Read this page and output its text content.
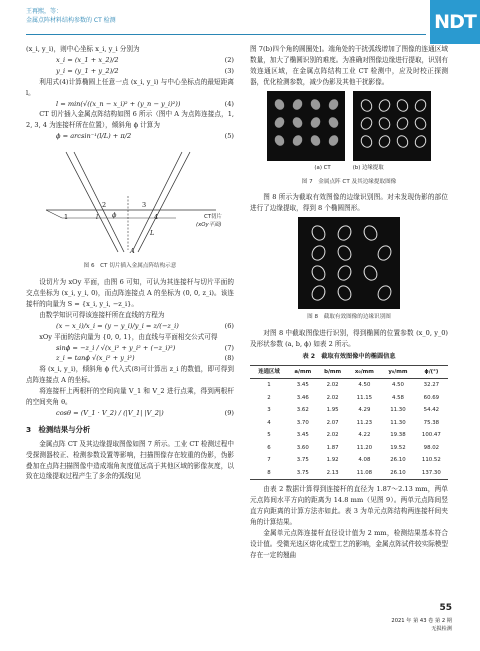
王再熙，等：
金属点阵材料结构参数的 CT 检测	NDT

(x_i, y_i)，则中心坐标 x_i, y_i 分别为

x_i = (x_1 + x_2)/2	(2)
y_i = (y_1 + y_2)/2	(3)

利用式(4)计算椭圆上任意一点 (x_i, y_i) 与中心坐标点的最短距离 l。

l = min(√((x_n − x_i)² + (y_n − y_i)²))	(4)

CT 切片插入金属点阵结构如图 6 所示（图中 A 为点阵连接点，1, 2, 3, 4 为连接杆所在位置），倾斜角 ϕ 计算为

ϕ = arcsin⁻¹(l/L) + π/2	(5)
A
ϕ
l
2	3
4
L
1	CT切片
(xOy平面)
图 6　CT 切片插入金属点阵结构示意

设切片为 xOy 平面，由图 6 可知，可认为其连接杆与切片平面的交点坐标为 (x_i, y_i, 0)，而点阵连接点 A 的坐标为 (0, 0, z_i)。该连接杆的向量为 S = {x_i, y_i, −z_i}。

由数学知识可得该连接杆所在直线的方程为

(x − x_i)/x_i = (y − y_i)/y_i = z/(−z_i)	(6)

xOy 平面的法向量为 {0, 0, 1}，由直线与平面相交公式可得

sinϕ = −z_i / √(x_i² + y_i² + (−z_i)²)	(7)
z_i = tanϕ √(x_i² + y_i²)	(8)

将 (x_i, y_i)，倾斜角 ϕ 代入式(8)可计算出 z_i 的数值，即可得到点阵连接点 A 的坐标。

将连接杆上两根杆的空间向量 V_1 和 V_2 进行点乘，得到两根杆的空间夹角 θ。

cosθ = (V_1 · V_2) / (|V_1| |V_2|)	(9)
3　检测结果与分析

金属点阵 CT 及其边缘提取图像如图 7 所示。工业 CT 检测过程中受探测器校正、检测参数设置等影响，扫描图像存在较重的伪影，伪影叠加在点阵扫描图像中造成端角灰度值远高于其他区域的影像灰度，以致在边缘提取过程产生了多余的弧线[见

图 7(b)四个角的圆圈处]。端角处的干扰弧线增加了图像的连通区域数量，加大了椭圆识别的难度。为准确对图像边缘进行提取，识别有效连通区域，在金属点阵结构工业 CT 检测中，应及时校正探测器，优化检测参数，减少伪影及其他干扰影像。

(a) CT	(b) 边缘提取
图 7　金属点阵 CT 及其边缘提取图像

图 8 所示为截取有效图像的边缘识别图。对未发现伪影的部位进行了边缘提取，得到 8 个椭圆图形。

图 8　截取有效图像的边缘识别图

对图 8 中截取图像进行识别，得到椭圆的位置参数 (x_0, y_0) 及形状参数 (a, b, ϕ) 如表 2 所示。

表 2　截取有效图像中的椭圆信息
连通区域	a/mm	b/mm	x₀/mm	y₀/mm	ϕ/(°)
1	3.45	2.02	4.50	4.50	32.27
2	3.46	2.02	11.15	4.58	60.69
3	3.62	1.95	4.29	11.30	54.42
4	3.70	2.07	11.23	11.30	75.38
5	3.45	2.02	4.22	19.38	100.47
6	3.60	1.87	11.20	19.52	98.02
7	3.75	1.92	4.08	26.10	110.52
8	3.75	2.13	11.08	26.10	137.30

由表 2 数据计算得到连接杆的直径为 1.87～2.13 mm，两单元点阵间水平方向的距离为 14.8 mm（见图 9）。两单元点阵间竖直方向距离的计算方法亦如此。表 3 为单元点阵结构两连接杆间夹角的计算结果。

金属单元点阵连接杆直径设计值为 2 mm，检测结果基本符合设计值。受微光选区熔化成型工艺的影响，金属点阵试件较实际模型存在一定的翘曲

55
2021 年 第 43 卷 第 2 期
无损检测
